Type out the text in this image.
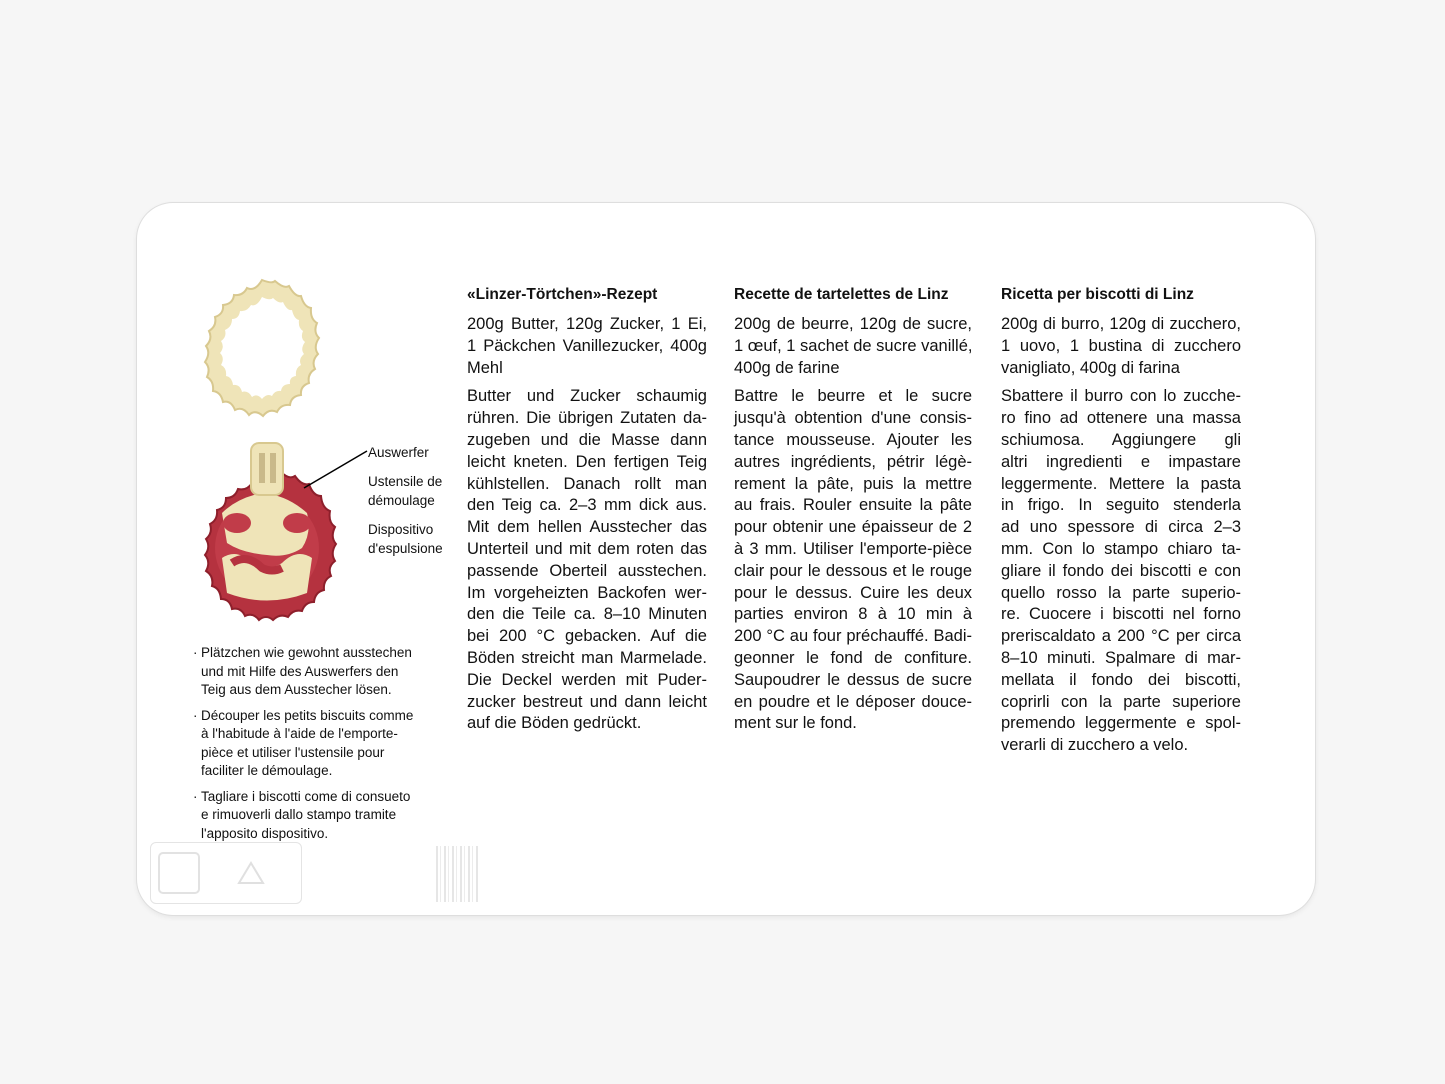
Auswerfer
Ustensile de
démoulage
Dispositivo
d'espulsione
· Plätzchen wie gewohnt ausstechen
und mit Hilfe des Auswerfers den
Teig aus dem Ausstecher lösen.
· Découper les petits biscuits comme
à l'habitude à l'aide de l'emporte-
pièce et utiliser l'ustensile pour
faciliter le démoulage.
· Tagliare i biscotti come di consueto
e rimuoverli dallo stampo tramite
l'apposito dispositivo.
«Linzer-Törtchen»-Rezept
200g Butter, 120g Zucker, 1 Ei,
1 Päckchen Vanillezucker, 400g
Mehl
Butter und Zucker schaumig
rühren. Die übrigen Zutaten da-
zugeben und die Masse dann
leicht kneten. Den fertigen Teig
kühlstellen. Danach rollt man
den Teig ca. 2–3 mm dick aus.
Mit dem hellen Ausstecher das
Unterteil und mit dem roten das
passende Oberteil ausstechen.
Im vorgeheizten Backofen wer-
den die Teile ca. 8–10 Minuten
bei 200 °C gebacken. Auf die
Böden streicht man Marmelade.
Die Deckel werden mit Puder-
zucker bestreut und dann leicht
auf die Böden gedrückt.
Recette de tartelettes de Linz
200g de beurre, 120g de sucre,
1 œuf, 1 sachet de sucre vanillé,
400g de farine
Battre le beurre et le sucre
jusqu'à obtention d'une consis-
tance mousseuse. Ajouter les
autres ingrédients, pétrir légè-
rement la pâte, puis la mettre
au frais. Rouler ensuite la pâte
pour obtenir une épaisseur de 2
à 3 mm. Utiliser l'emporte-pièce
clair pour le dessous et le rouge
pour le dessus. Cuire les deux
parties environ 8 à 10 min à
200 °C au four préchauffé. Badi-
geonner le fond de confiture.
Saupoudrer le dessus de sucre
en poudre et le déposer douce-
ment sur le fond.
Ricetta per biscotti di Linz
200g di burro, 120g di zucchero,
1 uovo, 1 bustina di zucchero
vanigliato, 400g di farina
Sbattere il burro con lo zucche-
ro fino ad ottenere una massa
schiumosa. Aggiungere gli
altri ingredienti e impastare
leggermente. Mettere la pasta
in frigo. In seguito stenderla
ad uno spessore di circa 2–3
mm. Con lo stampo chiaro ta-
gliare il fondo dei biscotti e con
quello rosso la parte superio-
re. Cuocere i biscotti nel forno
preriscaldato a 200 °C per circa
8–10 minuti. Spalmare di mar-
mellata il fondo dei biscotti,
coprirli con la parte superiore
premendo leggermente e spol-
verarli di zucchero a velo.
